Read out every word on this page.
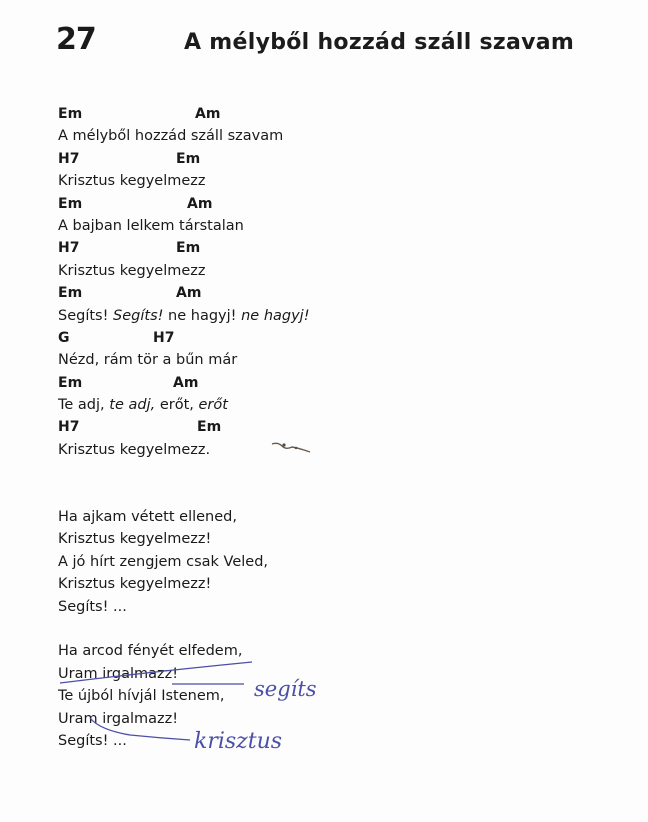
27	A mélyből hozzád száll szavam
Em	Am
A mélyből hozzád száll szavam
H7	Em
Krisztus kegyelmezz
Em	Am
A bajban lelkem társtalan
H7	Em
Krisztus kegyelmezz
Em	Am
Segíts! Segíts! ne hagyj! ne hagyj!
G	H7
Nézd, rám tör a bűn már
Em	Am
Te adj, te adj, erőt, erőt
H7	Em
Krisztus kegyelmezz.
Ha ajkam vétett ellened,
Krisztus kegyelmezz!
A jó hírt zengjem csak Veled,
Krisztus kegyelmezz!
Segíts! ...
Ha arcod fényét elfedem,
Uram irgalmazz!
Te újból hívjál Istenem,
Uram irgalmazz!
Segíts! ...
segíts
krisztus
